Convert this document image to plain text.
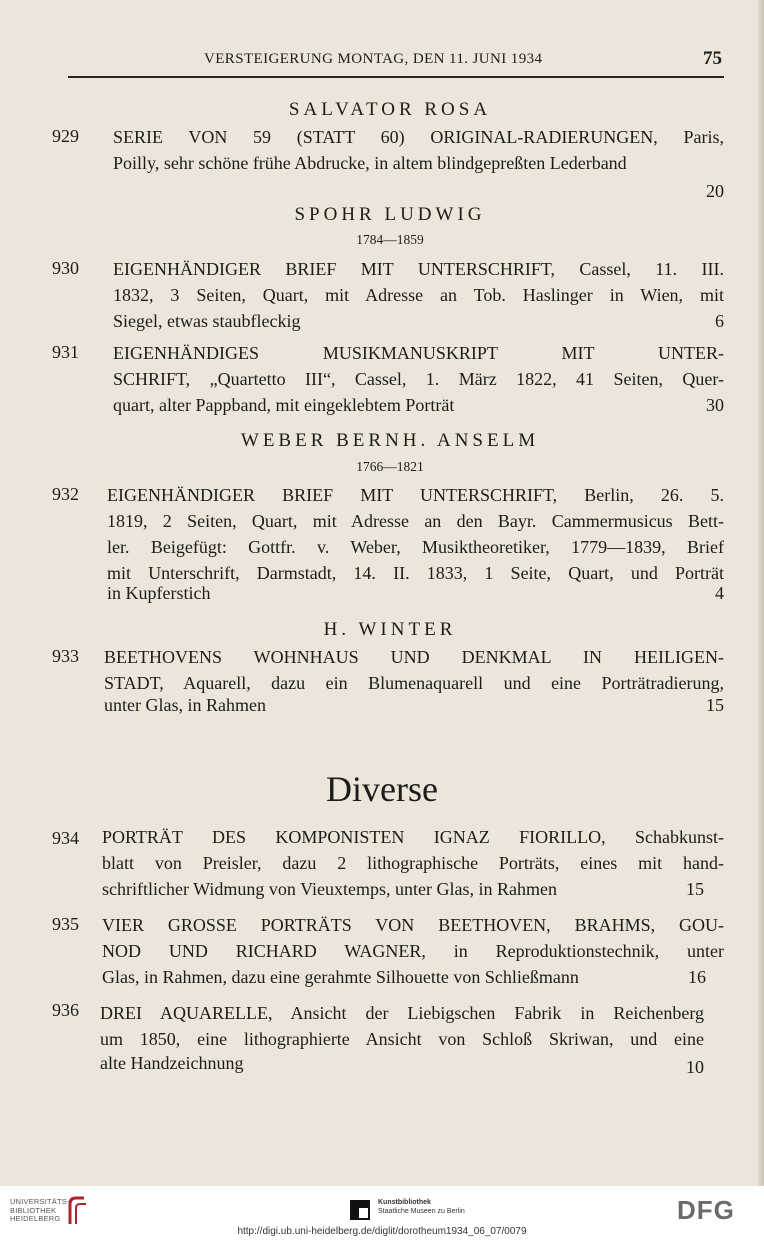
VERSTEIGERUNG MONTAG, DEN 11. JUNI 1934	75
SALVATOR ROSA
929 SERIE VON 59 (STATT 60) ORIGINAL-RADIERUNGEN, Paris,
Poilly, sehr schöne frühe Abdrucke, in altem blindgepreßten Lederband
20
SPOHR LUDWIG
1784—1859
930 EIGENHÄNDIGER BRIEF MIT UNTERSCHRIFT, Cassel, 11. III.
1832, 3 Seiten, Quart, mit Adresse an Tob. Haslinger in Wien, mit
Siegel, etwas staubfleckig	6
931 EIGENHÄNDIGES MUSIKMANUSKRIPT MIT UNTER-
SCHRIFT, „Quartetto III“, Cassel, 1. März 1822, 41 Seiten, Quer-
quart, alter Pappband, mit eingeklebtem Porträt	30
WEBER BERNH. ANSELM
1766—1821
932 EIGENHÄNDIGER BRIEF MIT UNTERSCHRIFT, Berlin, 26. 5.
1819, 2 Seiten, Quart, mit Adresse an den Bayr. Cammermusicus Bett-
ler. Beigefügt: Gottfr. v. Weber, Musiktheoretiker, 1779—1839, Brief
mit Unterschrift, Darmstadt, 14. II. 1833, 1 Seite, Quart, und Porträt
in Kupferstich	4
H. WINTER
933 BEETHOVENS WOHNHAUS UND DENKMAL IN HEILIGEN-
STADT, Aquarell, dazu ein Blumenaquarell und eine Porträtradierung,
unter Glas, in Rahmen	15
Diverse
934 PORTRÄT DES KOMPONISTEN IGNAZ FIORILLO, Schabkunst-
blatt von Preisler, dazu 2 lithographische Porträts, eines mit hand-
schriftlicher Widmung von Vieuxtemps, unter Glas, in Rahmen	15
935 VIER GROSSE PORTRÄTS VON BEETHOVEN, BRAHMS, GOU-
NOD UND RICHARD WAGNER, in Reproduktionstechnik, unter
Glas, in Rahmen, dazu eine gerahmte Silhouette von Schließmann	16
936 DREI AQUARELLE, Ansicht der Liebigschen Fabrik in Reichenberg
um 1850, eine lithographierte Ansicht von Schloß Skriwan, und eine
alte Handzeichnung	10
UNIVERSITÄTS-
BIBLIOTHEK
HEIDELBERG
Kunstbibliothek
Staatliche Museen zu Berlin	DFG
http://digi.ub.uni-heidelberg.de/diglit/dorotheum1934_06_07/0079
